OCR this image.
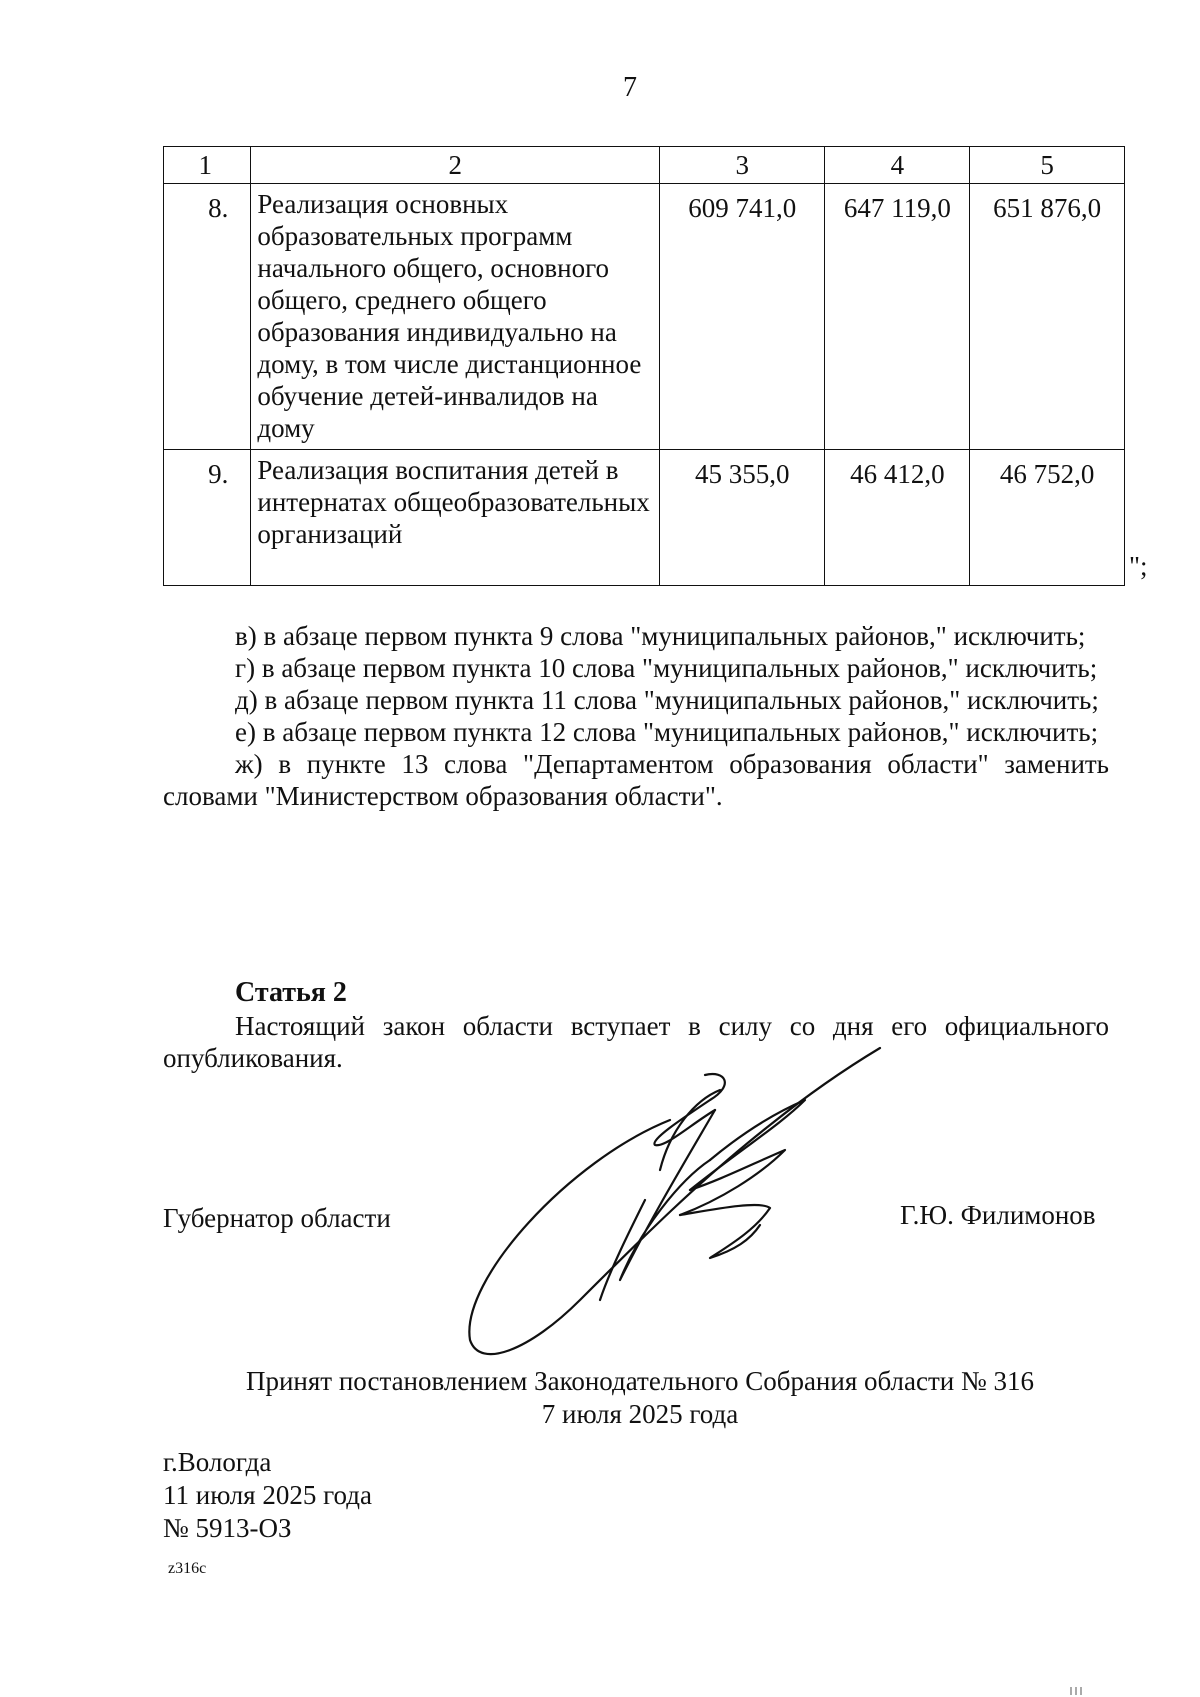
7
1	2	3	4	5

8.	Реализация основных образовательных программ начального общего, основного общего, среднего общего образования индивидуально на дому, в том числе дистанционное обучение детей-инвалидов на дому	609 741,0	647 119,0	651 876,0

9.	Реализация воспитания детей в интернатах общеобразовательных организаций	45 355,0	46 412,0	46 752,0
";

в) в абзаце первом пункта 9 слова "муниципальных районов," исключить;

г) в абзаце первом пункта 10 слова "муниципальных районов," исключить;

д) в абзаце первом пункта 11 слова "муниципальных районов," исключить;

е) в абзаце первом пункта 12 слова "муниципальных районов," исключить;

ж) в пункте 13 слова "Департаментом образования области" заменить словами "Министерством образования области".

Статья 2

Настоящий закон области вступает в силу со дня его официального опубликования.

Губернатор области	Г.Ю. Филимонов
Принят постановлением Законодательного Собрания области № 316
7 июля 2025 года
г.Вологда
11 июля 2025 года
№ 5913-ОЗ
z316c
